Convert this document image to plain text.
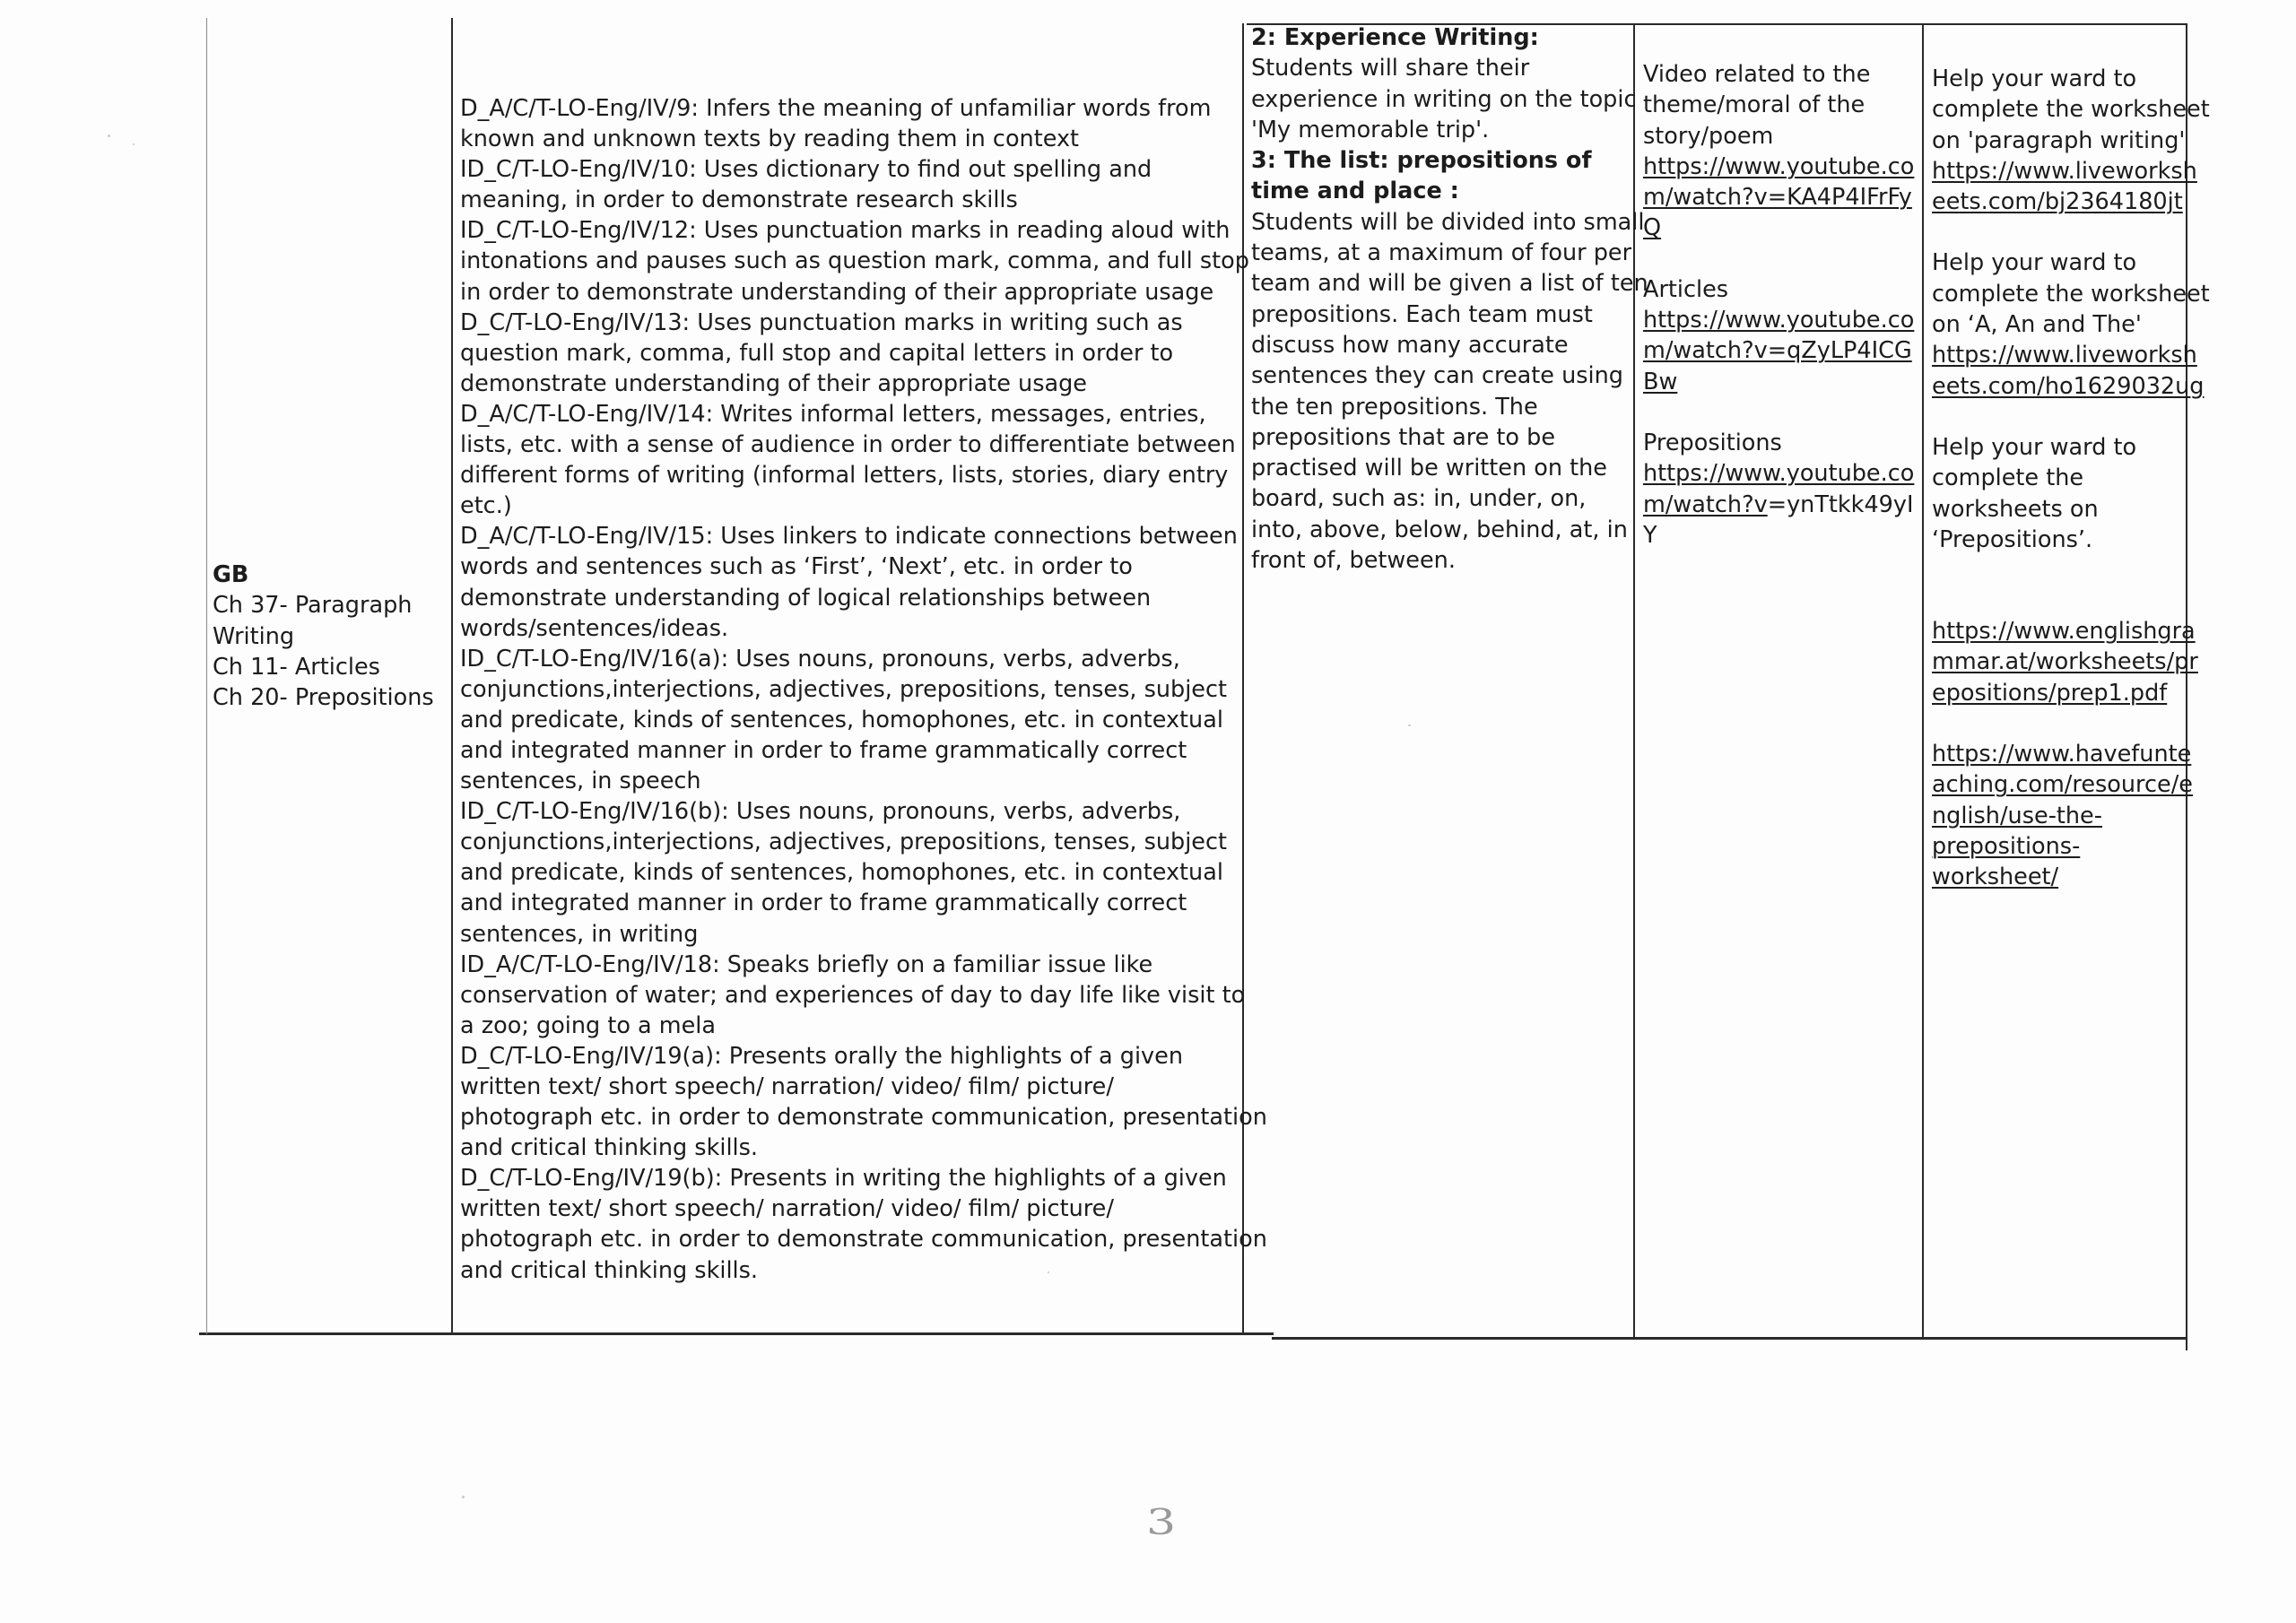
GB

Ch 37- Paragraph

Writing

Ch 11- Articles

Ch 20- Prepositions

D_A/C/T-LO-Eng/IV/9: Infers the meaning of unfamiliar words from

known and unknown texts by reading them in context

ID_C/T-LO-Eng/IV/10: Uses dictionary to find out spelling and

meaning, in order to demonstrate research skills

ID_C/T-LO-Eng/IV/12: Uses punctuation marks in reading aloud with

intonations and pauses such as question mark, comma, and full stop

in order to demonstrate understanding of their appropriate usage

D_C/T-LO-Eng/IV/13: Uses punctuation marks in writing such as

question mark, comma, full stop and capital letters in order to

demonstrate understanding of their appropriate usage

D_A/C/T-LO-Eng/IV/14: Writes informal letters, messages, entries,

lists, etc. with a sense of audience in order to differentiate between

different forms of writing (informal letters, lists, stories, diary entry

etc.)

D_A/C/T-LO-Eng/IV/15: Uses linkers to indicate connections between

words and sentences such as ‘First’, ‘Next’, etc. in order to

demonstrate understanding of logical relationships between

words/sentences/ideas.

ID_C/T-LO-Eng/IV/16(a): Uses nouns, pronouns, verbs, adverbs,

conjunctions,interjections, adjectives, prepositions, tenses, subject

and predicate, kinds of sentences, homophones, etc. in contextual

and integrated manner in order to frame grammatically correct

sentences, in speech

ID_C/T-LO-Eng/IV/16(b): Uses nouns, pronouns, verbs, adverbs,

conjunctions,interjections, adjectives, prepositions, tenses, subject

and predicate, kinds of sentences, homophones, etc. in contextual

and integrated manner in order to frame grammatically correct

sentences, in writing

ID_A/C/T-LO-Eng/IV/18: Speaks briefly on a familiar issue like

conservation of water; and experiences of day to day life like visit to

a zoo; going to a mela

D_C/T-LO-Eng/IV/19(a): Presents orally the highlights of a given

written text/ short speech/ narration/ video/ film/ picture/

photograph etc. in order to demonstrate communication, presentation

and critical thinking skills.

D_C/T-LO-Eng/IV/19(b): Presents in writing the highlights of a given

written text/ short speech/ narration/ video/ film/ picture/

photograph etc. in order to demonstrate communication, presentation

and critical thinking skills.

2: Experience Writing:

Students will share their

experience in writing on the topic

'My memorable trip'.

3: The list: prepositions of

time and place :

Students will be divided into small

teams, at a maximum of four per

team and will be given a list of ten

prepositions. Each team must

discuss how many accurate

sentences they can create using

the ten prepositions. The

prepositions that are to be

practised will be written on the

board, such as: in, under, on,

into, above, below, behind, at, in

front of, between.

Video related to the

theme/moral of the

story/poem

https://www.youtube.co

m/watch?v=KA4P4IFrFy

Q

Articles

https://www.youtube.co

m/watch?v=qZyLP4ICG

Bw

Prepositions

https://www.youtube.co

m/watch?v=ynTtkk49yI

Y

Help your ward to

complete the worksheet

on 'paragraph writing'

https://www.liveworksh

eets.com/bj2364180jt

Help your ward to

complete the worksheet

on ‘A, An and The'

https://www.liveworksh

eets.com/ho1629032ug

Help your ward to

complete the

worksheets on

‘Prepositions’.

https://www.englishgra

mmar.at/worksheets/pr

epositions/prep1.pdf

https://www.havefunte

aching.com/resource/e

nglish/use-the-

prepositions-

worksheet/

3
